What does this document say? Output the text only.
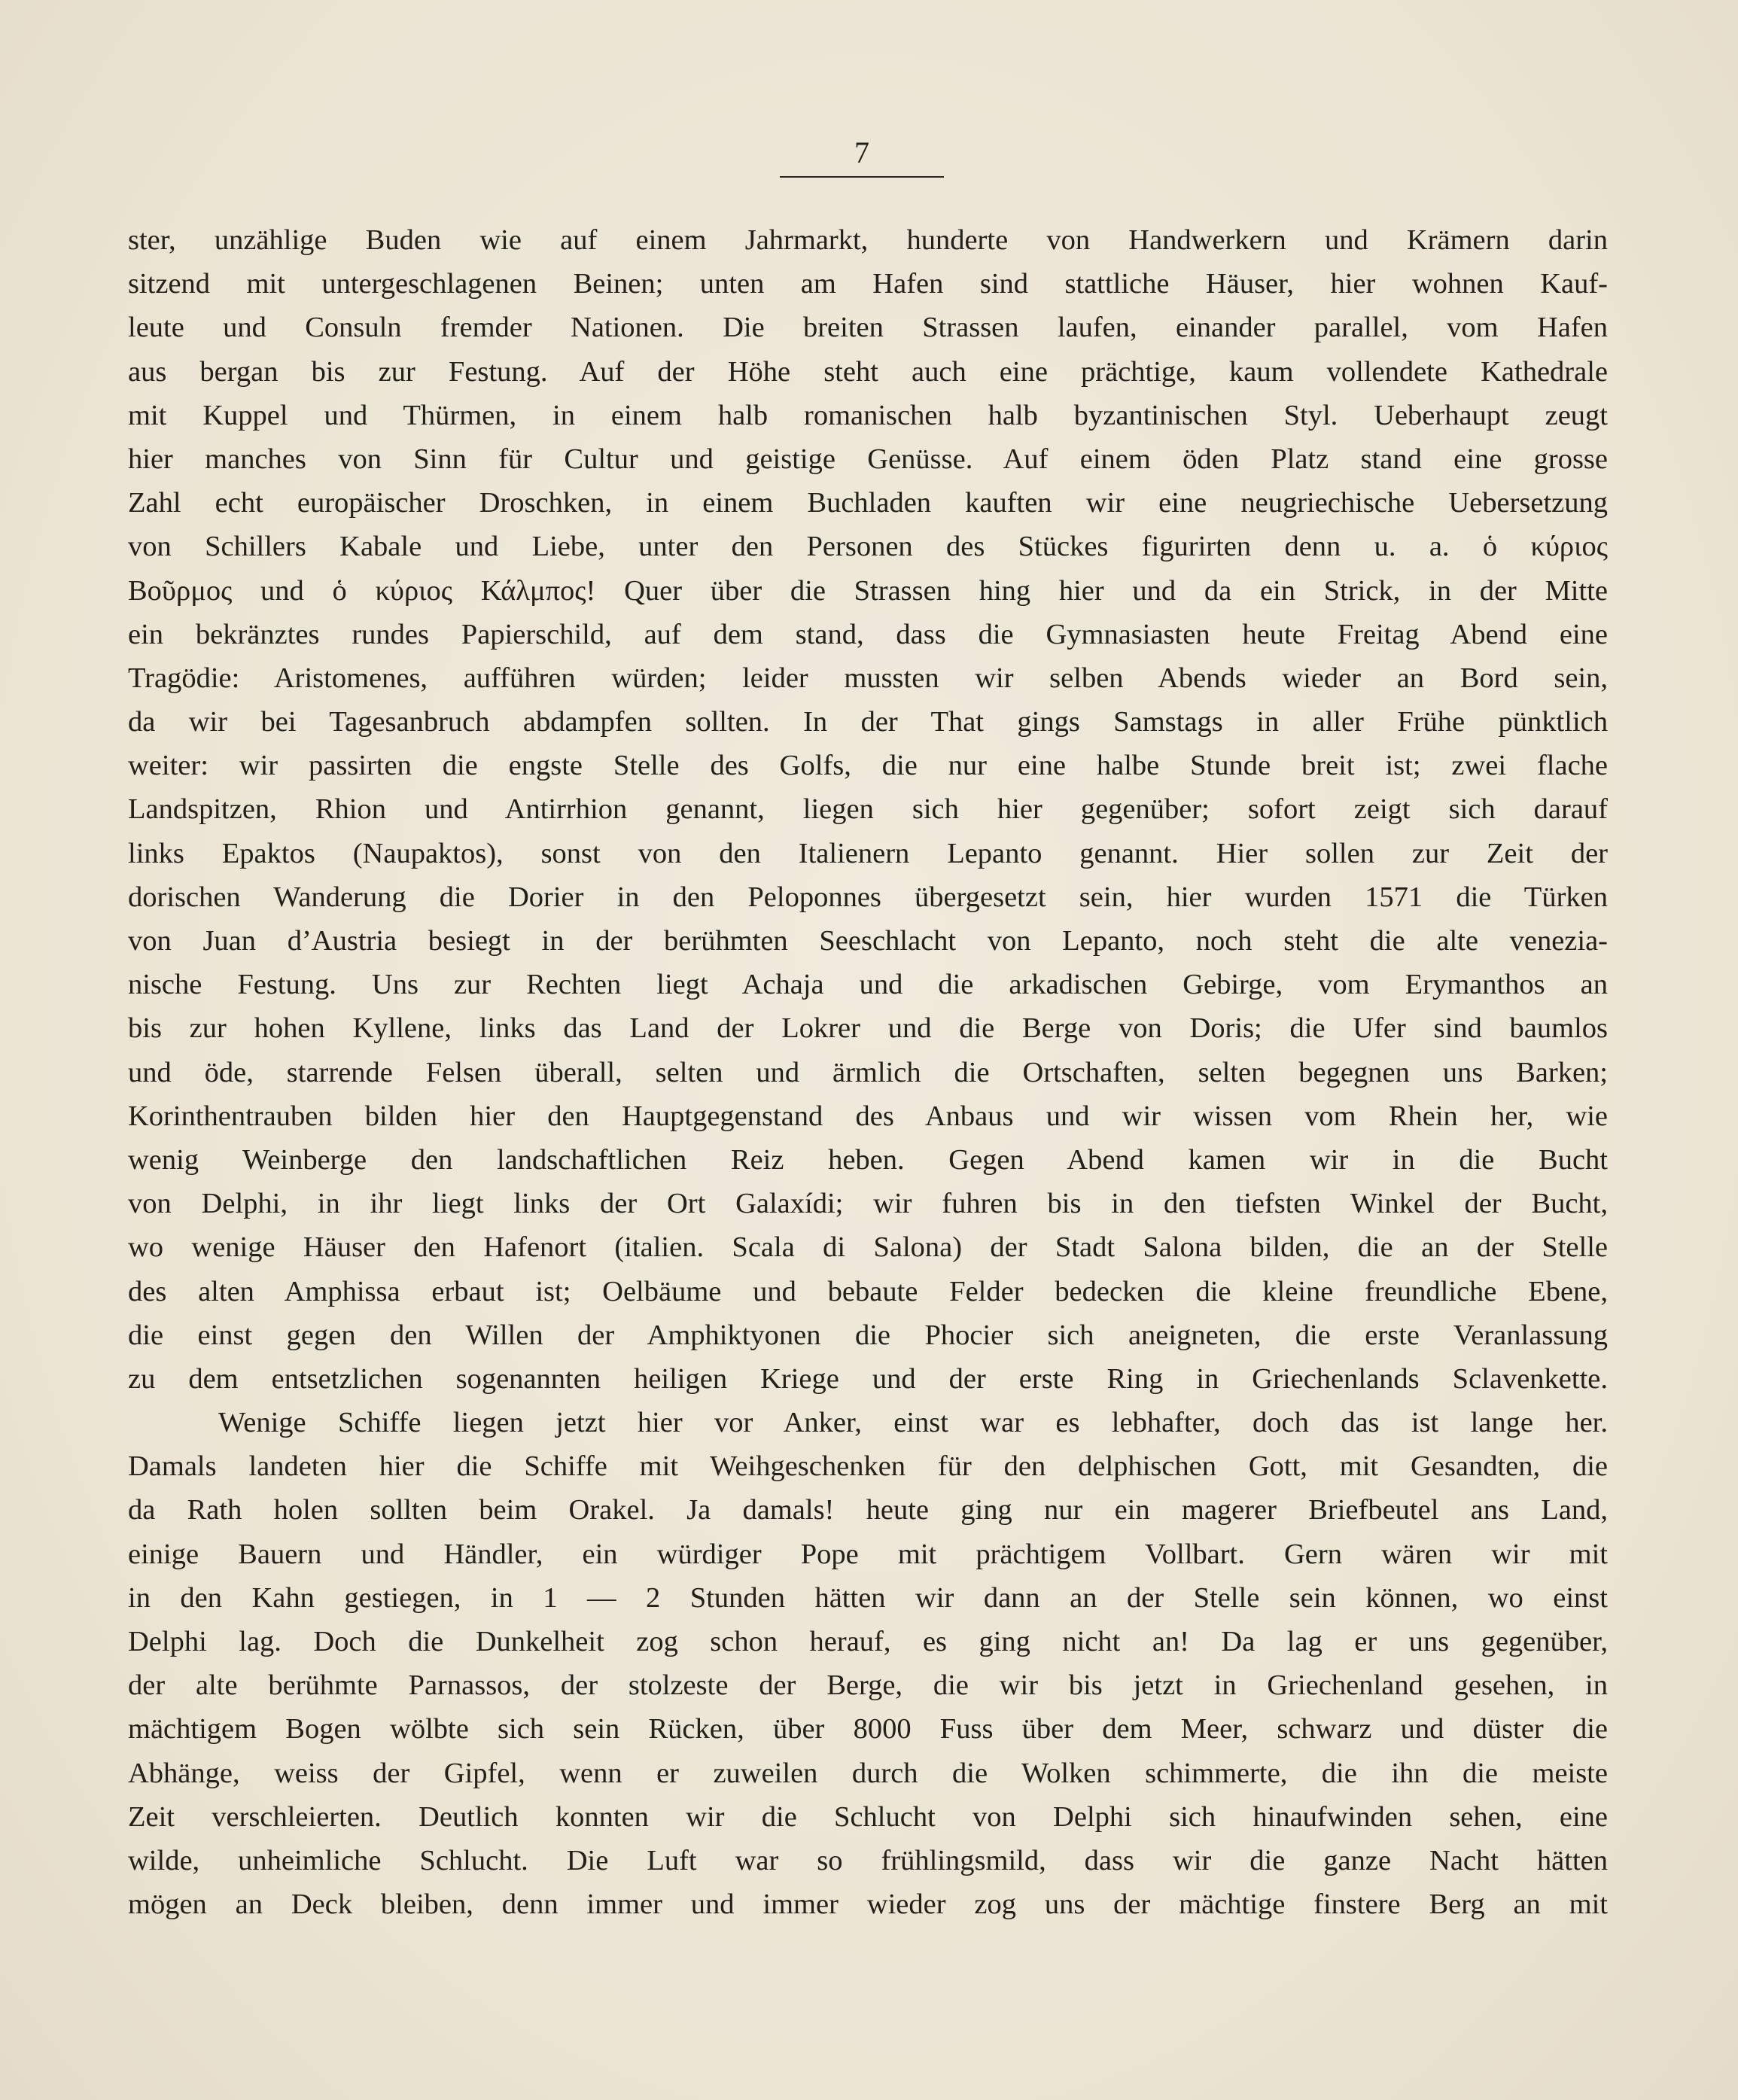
7
ster, unzählige Buden wie auf einem Jahrmarkt, hunderte von Handwerkern und Krämern darin
sitzend mit untergeschlagenen Beinen; unten am Hafen sind stattliche Häuser, hier wohnen Kauf-
leute und Consuln fremder Nationen. Die breiten Strassen laufen, einander parallel, vom Hafen
aus bergan bis zur Festung. Auf der Höhe steht auch eine prächtige, kaum vollendete Kathedrale
mit Kuppel und Thürmen, in einem halb romanischen halb byzantinischen Styl. Ueberhaupt zeugt
hier manches von Sinn für Cultur und geistige Genüsse. Auf einem öden Platz stand eine grosse
Zahl echt europäischer Droschken, in einem Buchladen kauften wir eine neugriechische Uebersetzung
von Schillers Kabale und Liebe, unter den Personen des Stückes figurirten denn u. a. ὁ κύριος
Βοῦρμος und ὁ κύριος Κάλμπος! Quer über die Strassen hing hier und da ein Strick, in der Mitte
ein bekränztes rundes Papierschild, auf dem stand, dass die Gymnasiasten heute Freitag Abend eine
Tragödie: Aristomenes, aufführen würden; leider mussten wir selben Abends wieder an Bord sein,
da wir bei Tagesanbruch abdampfen sollten. In der That gings Samstags in aller Frühe pünktlich
weiter: wir passirten die engste Stelle des Golfs, die nur eine halbe Stunde breit ist; zwei flache
Landspitzen, Rhion und Antirrhion genannt, liegen sich hier gegenüber; sofort zeigt sich darauf
links Epaktos (Naupaktos), sonst von den Italienern Lepanto genannt. Hier sollen zur Zeit der
dorischen Wanderung die Dorier in den Peloponnes übergesetzt sein, hier wurden 1571 die Türken
von Juan d’Austria besiegt in der berühmten Seeschlacht von Lepanto, noch steht die alte venezia-
nische Festung. Uns zur Rechten liegt Achaja und die arkadischen Gebirge, vom Erymanthos an
bis zur hohen Kyllene, links das Land der Lokrer und die Berge von Doris; die Ufer sind baumlos
und öde, starrende Felsen überall, selten und ärmlich die Ortschaften, selten begegnen uns Barken;
Korinthentrauben bilden hier den Hauptgegenstand des Anbaus und wir wissen vom Rhein her, wie
wenig Weinberge den landschaftlichen Reiz heben. Gegen Abend kamen wir in die Bucht
von Delphi, in ihr liegt links der Ort Galaxídi; wir fuhren bis in den tiefsten Winkel der Bucht,
wo wenige Häuser den Hafenort (italien. Scala di Salona) der Stadt Salona bilden, die an der Stelle
des alten Amphissa erbaut ist; Oelbäume und bebaute Felder bedecken die kleine freundliche Ebene,
die einst gegen den Willen der Amphiktyonen die Phocier sich aneigneten, die erste Veranlassung
zu dem entsetzlichen sogenannten heiligen Kriege und der erste Ring in Griechenlands Sclavenkette.
Wenige Schiffe liegen jetzt hier vor Anker, einst war es lebhafter, doch das ist lange her.
Damals landeten hier die Schiffe mit Weihgeschenken für den delphischen Gott, mit Gesandten, die
da Rath holen sollten beim Orakel. Ja damals! heute ging nur ein magerer Briefbeutel ans Land,
einige Bauern und Händler, ein würdiger Pope mit prächtigem Vollbart. Gern wären wir mit
in den Kahn gestiegen, in 1 — 2 Stunden hätten wir dann an der Stelle sein können, wo einst
Delphi lag. Doch die Dunkelheit zog schon herauf, es ging nicht an! Da lag er uns gegenüber,
der alte berühmte Parnassos, der stolzeste der Berge, die wir bis jetzt in Griechenland gesehen, in
mächtigem Bogen wölbte sich sein Rücken, über 8000 Fuss über dem Meer, schwarz und düster die
Abhänge, weiss der Gipfel, wenn er zuweilen durch die Wolken schimmerte, die ihn die meiste
Zeit verschleierten. Deutlich konnten wir die Schlucht von Delphi sich hinaufwinden sehen, eine
wilde, unheimliche Schlucht. Die Luft war so frühlingsmild, dass wir die ganze Nacht hätten
mögen an Deck bleiben, denn immer und immer wieder zog uns der mächtige finstere Berg an mit
